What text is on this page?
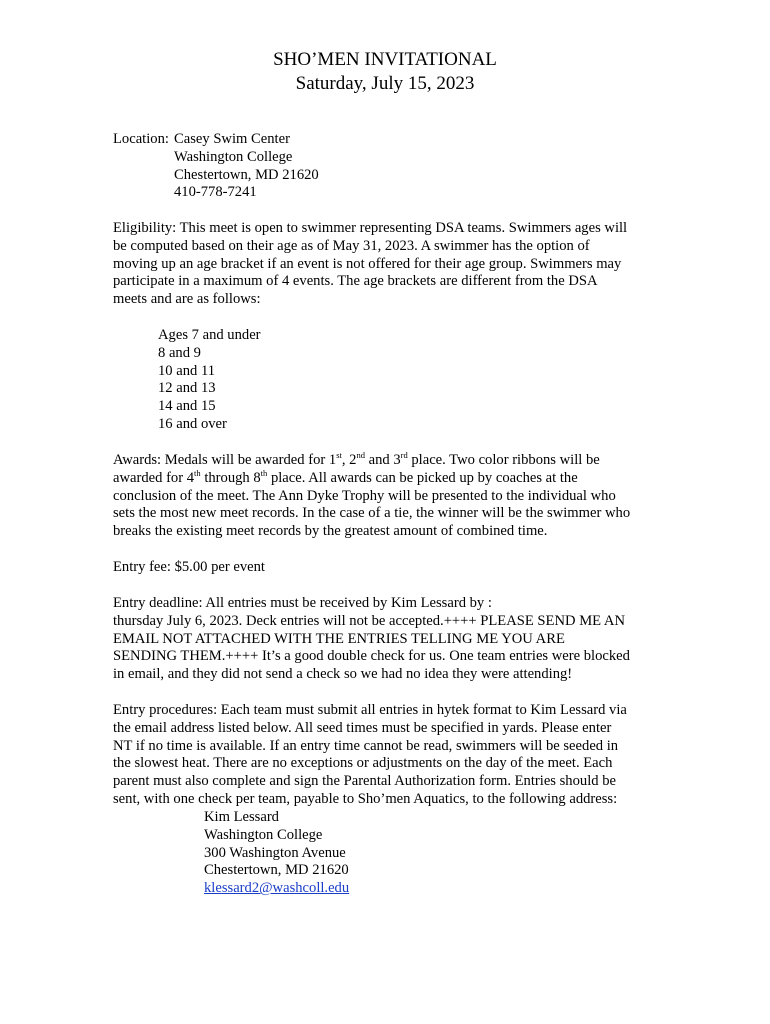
SHO’MEN INVITATIONAL
Saturday, July 15, 2023
Location: Casey Swim Center
Washington College
Chestertown, MD 21620
410-778-7241
Eligibility: This meet is open to swimmer representing DSA teams. Swimmers ages will
be computed based on their age as of May 31, 2023. A swimmer has the option of
moving up an age bracket if an event is not offered for their age group. Swimmers may
participate in a maximum of 4 events. The age brackets are different from the DSA
meets and are as follows:
Ages 7 and under
8 and 9
10 and 11
12 and 13
14 and 15
16 and over
Awards: Medals will be awarded for 1st, 2nd and 3rd place. Two color ribbons will be
awarded for 4th through 8th place. All awards can be picked up by coaches at the
conclusion of the meet. The Ann Dyke Trophy will be presented to the individual who
sets the most new meet records. In the case of a tie, the winner will be the swimmer who
breaks the existing meet records by the greatest amount of combined time.
Entry fee: $5.00 per event
Entry deadline: All entries must be received by Kim Lessard by :
thursday July 6, 2023. Deck entries will not be accepted.++++ PLEASE SEND ME AN
EMAIL NOT ATTACHED WITH THE ENTRIES TELLING ME YOU ARE
SENDING THEM.++++ It’s a good double check for us. One team entries were blocked
in email, and they did not send a check so we had no idea they were attending!
Entry procedures: Each team must submit all entries in hytek format to Kim Lessard via
the email address listed below. All seed times must be specified in yards. Please enter
NT if no time is available. If an entry time cannot be read, swimmers will be seeded in
the slowest heat. There are no exceptions or adjustments on the day of the meet. Each
parent must also complete and sign the Parental Authorization form. Entries should be
sent, with one check per team, payable to Sho’men Aquatics, to the following address:
Kim Lessard
Washington College
300 Washington Avenue
Chestertown, MD 21620
klessard2@washcoll.edu
